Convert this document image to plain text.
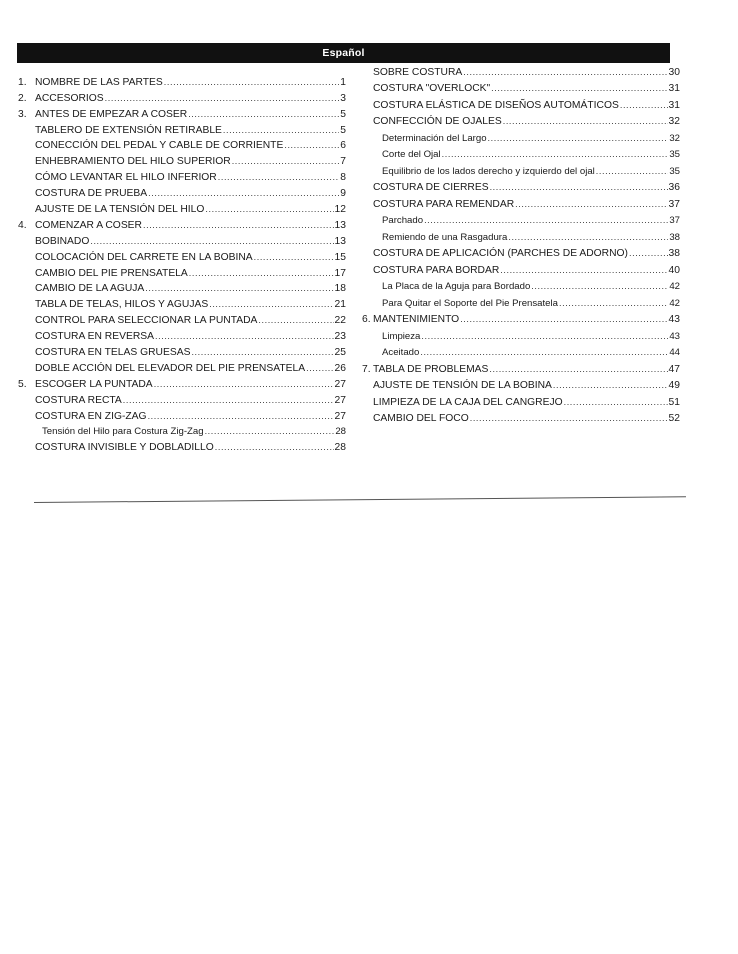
Español
1. NOMBRE DE LAS PARTES .....	1
2. ACCESORIOS .....	3
3. ANTES DE EMPEZAR A COSER .....	5
TABLERO DE EXTENSIÓN RETIRABLE .....	5
CONECCIÓN DEL PEDAL Y CABLE DE CORRIENTE .....	6
ENHEBRAMIENTO DEL HILO SUPERIOR .....	7
CÓMO LEVANTAR EL HILO INFERIOR .....	8
COSTURA DE PRUEBA .....	9
AJUSTE DE LA TENSIÓN DEL HILO .....	12
4. COMENZAR A COSER .....	13
BOBINADO .....	13
COLOCACIÓN DEL CARRETE EN LA BOBINA .....	15
CAMBIO DEL PIE PRENSATELA .....	17
CAMBIO DE LA AGUJA .....	18
TABLA DE TELAS, HILOS Y AGUJAS .....	21
CONTROL PARA SELECCIONAR LA PUNTADA .....	22
COSTURA EN REVERSA .....	23
COSTURA EN TELAS GRUESAS .....	25
DOBLE ACCIÓN DEL ELEVADOR DEL PIE PRENSATELA .....	26
5. ESCOGER LA PUNTADA .....	27
COSTURA RECTA .....	27
COSTURA EN ZIG-ZAG .....	27
Tensión del Hilo para Costura Zig-Zag .....	28
COSTURA INVISIBLE Y DOBLADILLO .....	28
SOBRE COSTURA .....	30
COSTURA "OVERLOCK" .....	31
COSTURA ELÁSTICA DE DISEÑOS AUTOMÁTICOS .....	31
CONFECCIÓN DE OJALES .....	32
Determinación del Largo .....	32
Corte del Ojal .....	35
Equilibrio de los lados derecho y izquierdo del ojal .....	35
COSTURA DE CIERRES .....	36
COSTURA PARA REMENDAR .....	37
Parchado .....	37
Remiendo de una Rasgadura .....	38
COSTURA DE APLICACIÓN (PARCHES DE ADORNO) .....	38
COSTURA PARA BORDAR .....	40
La Placa de la Aguja para Bordado .....	42
Para Quitar el Soporte del Pie Prensatela .....	42
6. MANTENIMIENTO .....	43
Limpieza .....	43
Aceitado .....	44
7. TABLA DE PROBLEMAS .....	47
AJUSTE DE TENSIÓN DE LA BOBINA .....	49
LIMPIEZA DE LA CAJA DEL CANGREJO .....	51
CAMBIO DEL FOCO .....	52
